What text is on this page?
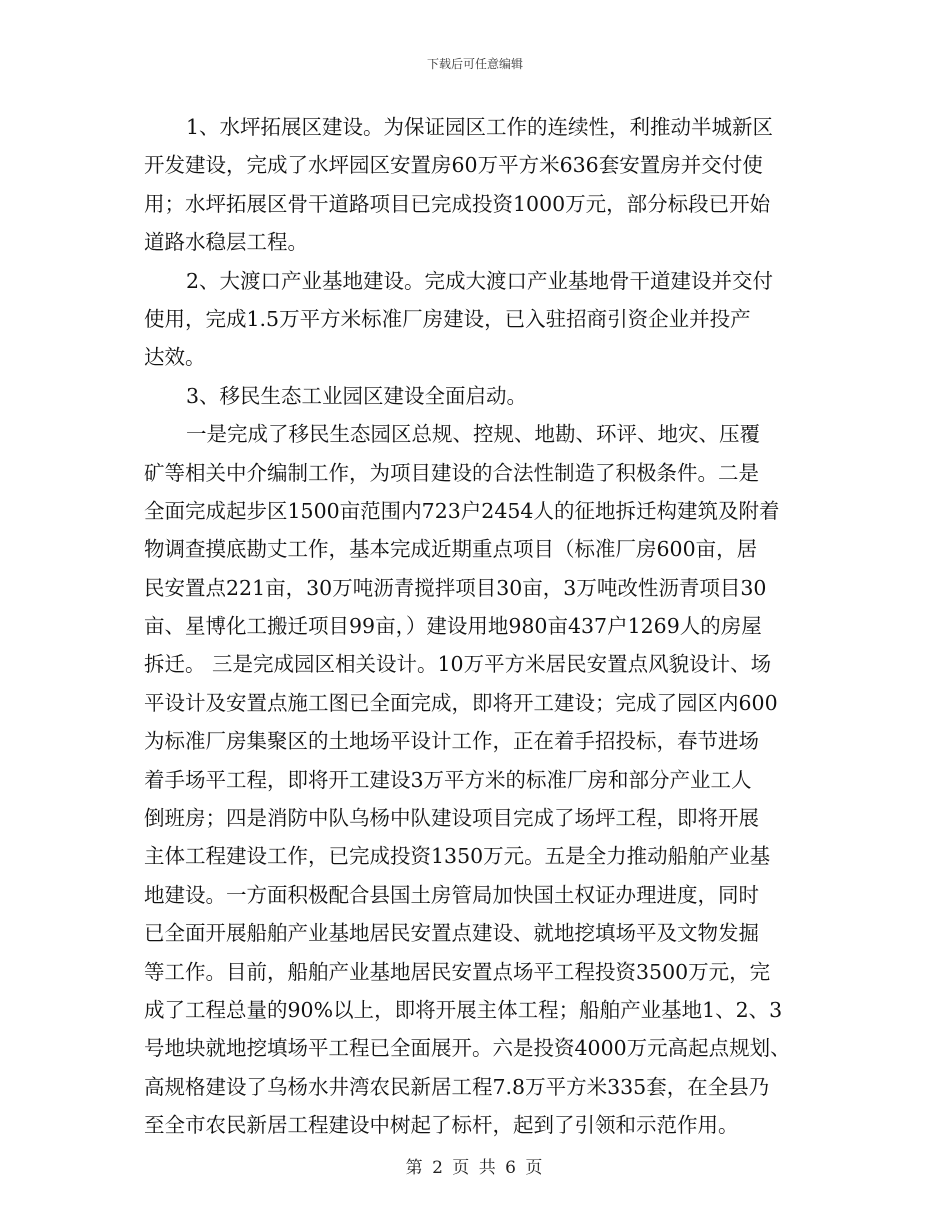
下载后可任意编辑
1、水坪拓展区建设。为保证园区工作的连续性，利推动半城新区
开发建设，完成了水坪园区安置房60万平方米636套安置房并交付使
用；水坪拓展区骨干道路项目已完成投资1000万元，部分标段已开始
道路水稳层工程。
2、大渡口产业基地建设。完成大渡口产业基地骨干道建设并交付
使用，完成1.5万平方米标准厂房建设，已入驻招商引资企业并投产
达效。
3、移民生态工业园区建设全面启动。
一是完成了移民生态园区总规、控规、地勘、环评、地灾、压覆
矿等相关中介编制工作，为项目建设的合法性制造了积极条件。二是
全面完成起步区1500亩范围内723户2454人的征地拆迁构建筑及附着
物调查摸底勘丈工作，基本完成近期重点项目（标准厂房600亩，居
民安置点221亩，30万吨沥青搅拌项目30亩，3万吨改性沥青项目30
亩、星博化工搬迁项目99亩，）建设用地980亩437户1269人的房屋
拆迁。 三是完成园区相关设计。10万平方米居民安置点风貌设计、场
平设计及安置点施工图已全面完成，即将开工建设；完成了园区内600
为标准厂房集聚区的土地场平设计工作，正在着手招投标，春节进场
着手场平工程，即将开工建设3万平方米的标准厂房和部分产业工人
倒班房；四是消防中队乌杨中队建设项目完成了场坪工程，即将开展
主体工程建设工作，已完成投资1350万元。五是全力推动船舶产业基
地建设。一方面积极配合县国土房管局加快国土权证办理进度，同时
已全面开展船舶产业基地居民安置点建设、就地挖填场平及文物发掘
等工作。目前，船舶产业基地居民安置点场平工程投资3500万元，完
成了工程总量的90%以上，即将开展主体工程；船舶产业基地1、2、3
号地块就地挖填场平工程已全面展开。六是投资4000万元高起点规划、
高规格建设了乌杨水井湾农民新居工程7.8万平方米335套，在全县乃
至全市农民新居工程建设中树起了标杆，起到了引领和示范作用。
第 2 页 共 6 页
